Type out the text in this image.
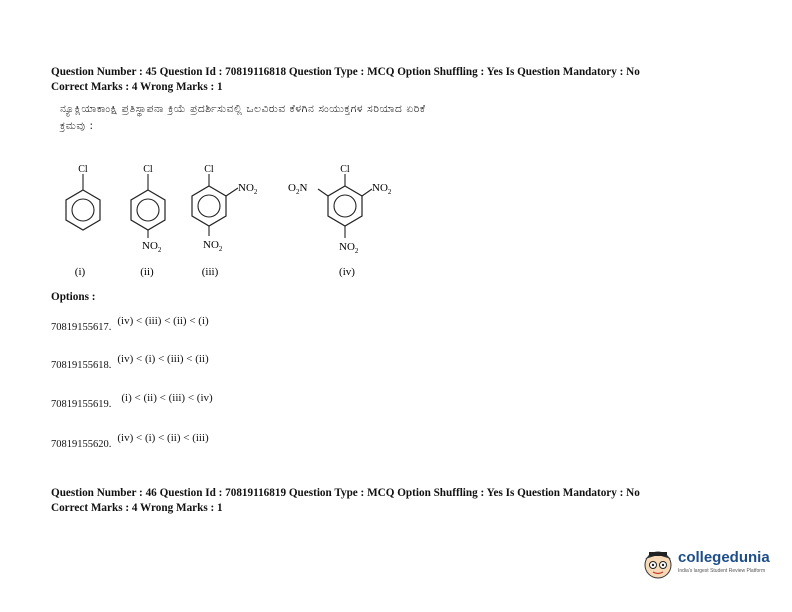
Question Number : 45 Question Id : 70819116818 Question Type : MCQ Option Shuffling : Yes Is Question Mandatory : No
Correct Marks : 4 Wrong Marks : 1
ನ್ಯೂಕ್ಲಿಯಾಕಾಂಕ್ಷಿ ಪ್ರತಿಸ್ಥಾಪನಾ ಕ್ರಿಯೆ ಪ್ರದರ್ಶಿಸುವಲ್ಲಿ ಒಲವಿರುವ ಕೆಳಗಿನ ಸಂಯುಕ್ತಗಳ ಸರಿಯಾದ ಏರಿಕೆ
ಕ್ರಮವು :
Cl
(i)
Cl
$NO_2$
(ii)
Cl
$NO_2$
$NO_2$
(iii)
Cl
$NO_2$
$O_2N$
$NO_2$
(iv)
Options :
$_{70819155617.}$ (iv) < (iii) < (ii) < (i)
$_{70819155618.}$ (iv) < (i) < (iii) < (ii)
$_{70819155619.}$ (i) < (ii) < (iii) < (iv)
$_{70819155620.}$ (iv) < (i) < (ii) < (iii)
Question Number : 46 Question Id : 70819116819 Question Type : MCQ Option Shuffling : Yes Is Question Mandatory : No
Correct Marks : 4 Wrong Marks : 1
collegedunia
India's largest Student Review Platform
